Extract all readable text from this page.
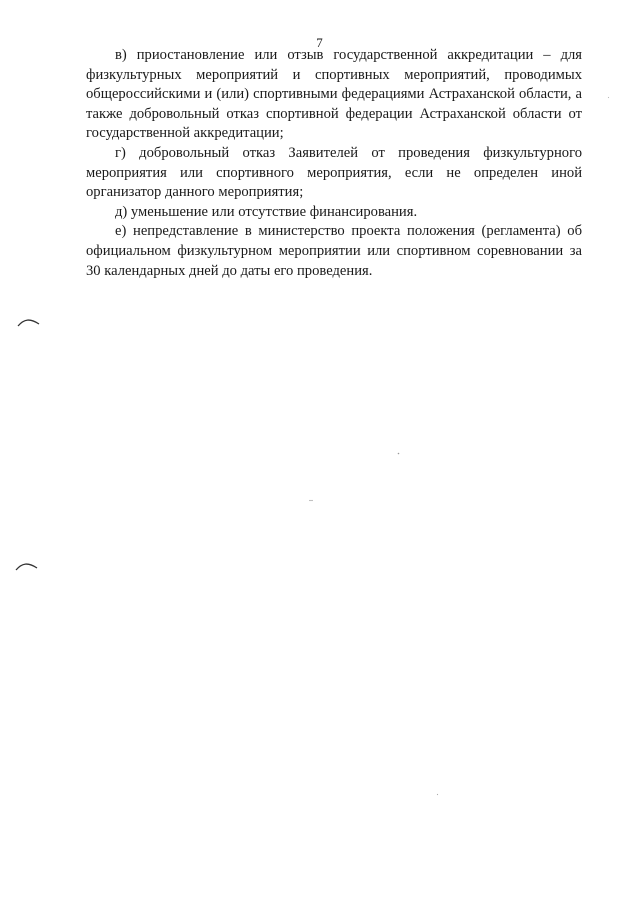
7

в) приостановление или отзыв государственной аккредитации – для физкультурных мероприятий и спортивных мероприятий, проводимых общероссийскими и (или) спортивными федерациями Астраханской области, а также добровольный отказ спортивной федерации Астраханской области от государственной аккредитации;

г) добровольный отказ Заявителей от проведения физкультурного мероприятия или спортивного мероприятия, если не определен иной организатор данного мероприятия;

д) уменьшение или отсутствие финансирования.

е) непредставление в министерство проекта положения (регламента) об официальном физкультурном мероприятии или спортивном соревновании за 30 календарных дней до даты его проведения.
